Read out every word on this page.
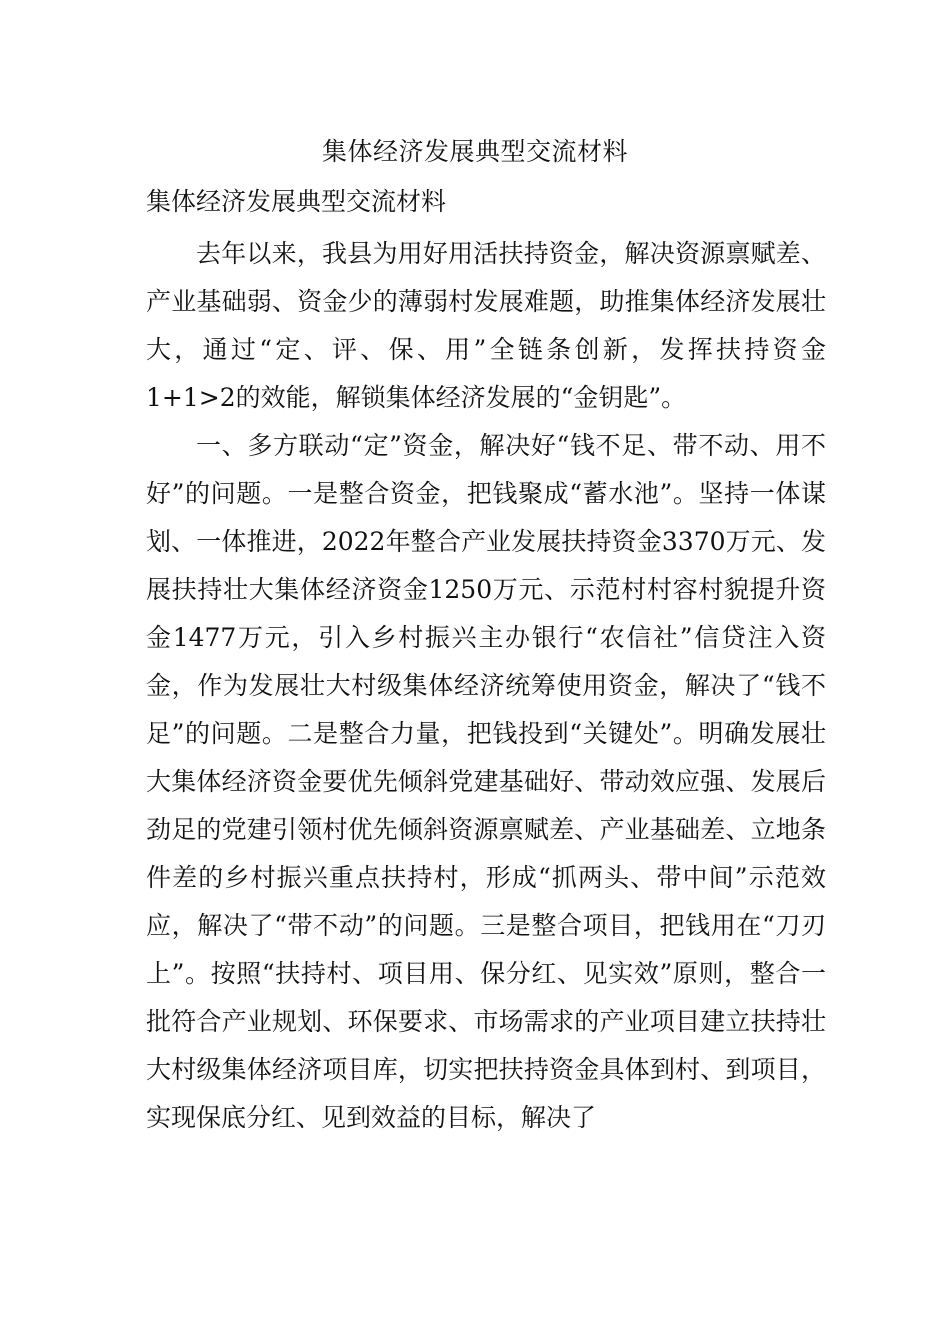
集体经济发展典型交流材料
集体经济发展典型交流材料

去年以来，我县为用好用活扶持资金，解决资源禀赋差、产业基础弱、资金少的薄弱村发展难题，助推集体经济发展壮大，通过“定、评、保、用”全链条创新，发挥扶持资金1+1>2的效能，解锁集体经济发展的“金钥匙”。

一、多方联动“定”资金，解决好“钱不足、带不动、用不好”的问题。一是整合资金，把钱聚成“蓄水池”。坚持一体谋划、一体推进，2022年整合产业发展扶持资金3370万元、发展扶持壮大集体经济资金1250万元、示范村村容村貌提升资金1477万元，引入乡村振兴主办银行“农信社”信贷注入资金，作为发展壮大村级集体经济统筹使用资金，解决了“钱不足”的问题。二是整合力量，把钱投到“关键处”。明确发展壮大集体经济资金要优先倾斜党建基础好、带动效应强、发展后劲足的党建引领村优先倾斜资源禀赋差、产业基础差、立地条件差的乡村振兴重点扶持村，形成“抓两头、带中间”示范效应，解决了“带不动”的问题。三是整合项目，把钱用在“刀刃上”。按照“扶持村、项目用、保分红、见实效”原则，整合一批符合产业规划、环保要求、市场需求的产业项目建立扶持壮大村级集体经济项目库，切实把扶持资金具体到村、到项目，实现保底分红、见到效益的目标，解决了
